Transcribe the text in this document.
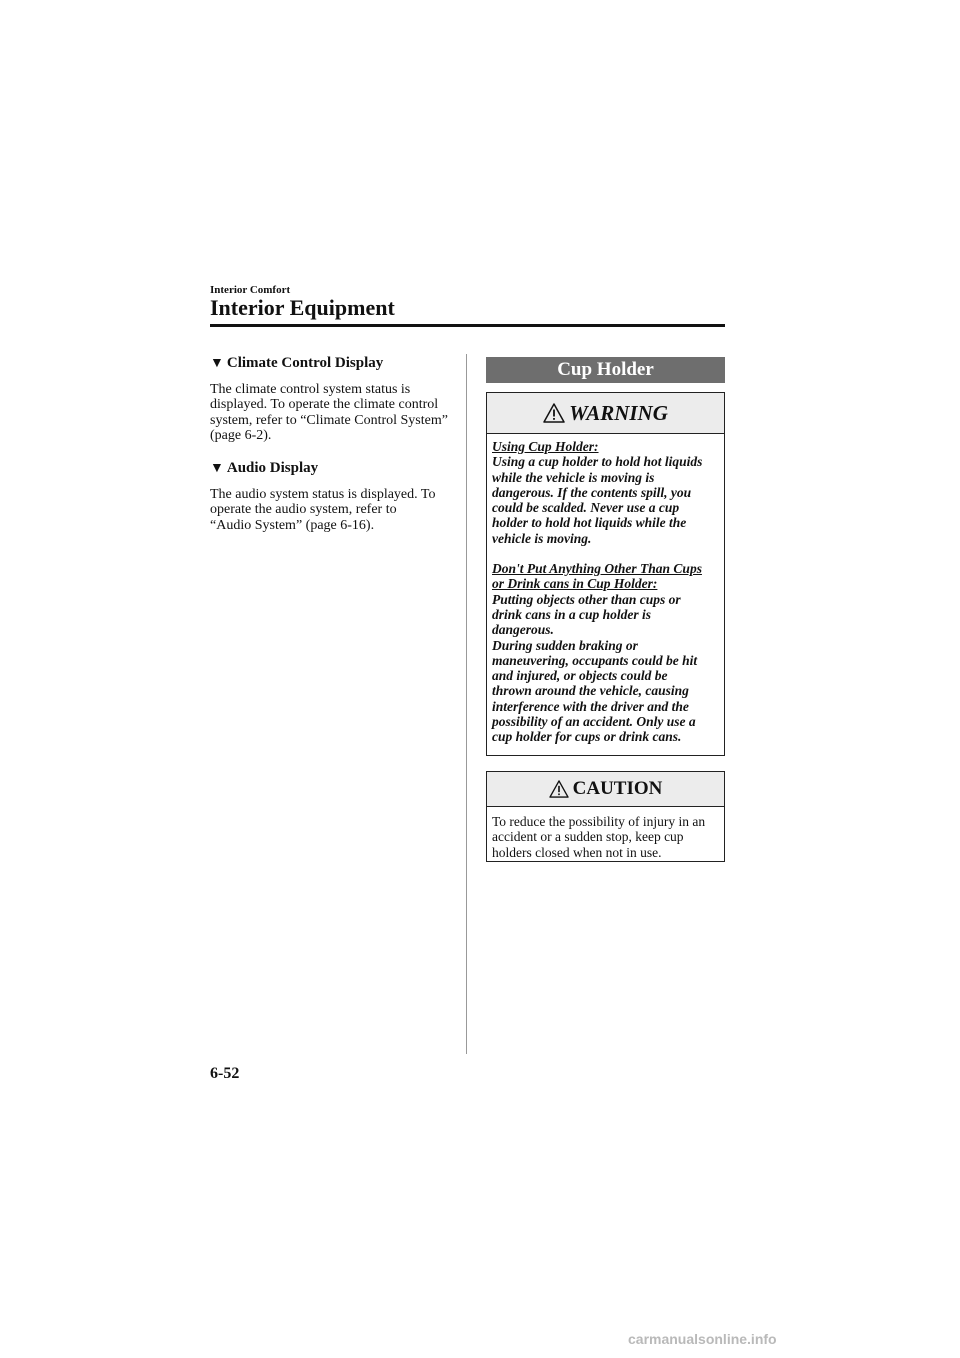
Interior Comfort
Interior Equipment
▼ Climate Control Display
The climate control system status is
displayed. To operate the climate control
system, refer to “Climate Control System”
(page 6-2).
▼ Audio Display
The audio system status is displayed. To
operate the audio system, refer to
“Audio System” (page 6-16).
Cup Holder
WARNING
Using Cup Holder:

Using a cup holder to hold hot liquids

while the vehicle is moving is

dangerous. If the contents spill, you

could be scalded. Never use a cup

holder to hold hot liquids while the

vehicle is moving.

Don't Put Anything Other Than Cups
or Drink cans in Cup Holder:

Putting objects other than cups or

drink cans in a cup holder is

dangerous.

During sudden braking or

maneuvering, occupants could be hit

and injured, or objects could be

thrown around the vehicle, causing

interference with the driver and the

possibility of an accident. Only use a

cup holder for cups or drink cans.

CAUTION
To reduce the possibility of injury in an
accident or a sudden stop, keep cup
holders closed when not in use.
6-52
carmanualsonline.info
